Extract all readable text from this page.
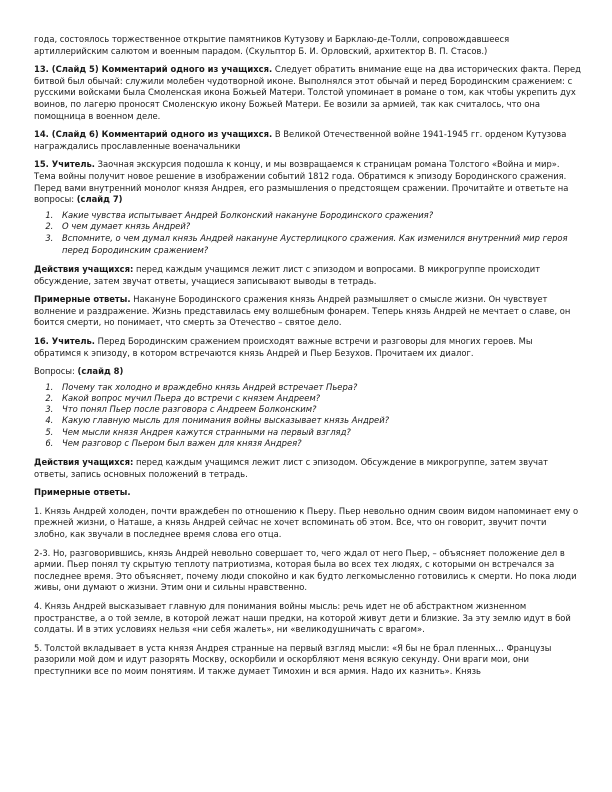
года, состоялось торжественное открытие памятников Кутузову и Барклаю-де-Толли, сопровождавшееся артиллерийским салютом и военным парадом. (Скульптор Б. И. Орловский, архитектор В. П. Стасов.)

13. (Слайд 5) Комментарий одного из учащихся. Следует обратить внимание еще на два исторических факта. Перед битвой был обычай: служили молебен чудотворной иконе. Выполнялся этот обычай и перед Бородинским сражением: с русскими войсками была Смоленская икона Божьей Матери. Толстой упоминает в романе о том, как чтобы укрепить дух воинов, по лагерю проносят Смоленскую икону Божьей Матери. Ее возили за армией, так как считалось, что она помощница в военном деле.

14. (Слайд 6) Комментарий одного из учащихся. В Великой Отечественной войне 1941-1945 гг. орденом Кутузова награждались прославленные военачальники

15. Учитель. Заочная экскурсия подошла к концу, и мы возвращаемся к страницам романа Толстого «Война и мир». Тема войны получит новое решение в изображении событий 1812 года. Обратимся к эпизоду Бородинского сражения.
Перед вами внутренний монолог князя Андрея, его размышления о предстоящем сражении. Прочитайте и ответьте на вопросы: (слайд 7)

1. Какие чувства испытывает Андрей Болконский накануне Бородинского сражения?
2. О чем думает князь Андрей?
3. Вспомните, о чем думал князь Андрей накануне Аустерлицкого сражения. Как изменился внутренний мир героя перед Бородинским сражением?

Действия учащихся: перед каждым учащимся лежит лист с эпизодом и вопросами. В микрогруппе происходит обсуждение, затем звучат ответы, учащиеся записывают выводы в тетрадь.

Примерные ответы. Накануне Бородинского сражения князь Андрей размышляет о смысле жизни. Он чувствует волнение и раздражение. Жизнь представилась ему волшебным фонарем. Теперь князь Андрей не мечтает о славе, он боится смерти, но понимает, что смерть за Отечество – святое дело.

16. Учитель. Перед Бородинским сражением происходят важные встречи и разговоры для многих героев. Мы обратимся к эпизоду, в котором встречаются князь Андрей и Пьер Безухов. Прочитаем их диалог.

Вопросы: (слайд 8)

1. Почему так холодно и враждебно князь Андрей встречает Пьера?
2. Какой вопрос мучил Пьера до встречи с князем Андреем?
3. Что понял Пьер после разговора с Андреем Болконским?
4. Какую главную мысль для понимания войны высказывает князь Андрей?
5. Чем мысли князя Андрея кажутся странными на первый взгляд?
6. Чем разговор с Пьером был важен для князя Андрея?

Действия учащихся: перед каждым учащимся лежит лист с эпизодом. Обсуждение в микрогруппе, затем звучат ответы, запись основных положений в тетрадь.

Примерные ответы.

1. Князь Андрей холоден, почти враждебен по отношению к Пьеру. Пьер невольно одним своим видом напоминает ему о прежней жизни, о Наташе, а князь Андрей сейчас не хочет вспоминать об этом. Все, что он говорит, звучит почти злобно, как звучали в последнее время слова его отца.

2-3. Но, разговорившись, князь Андрей невольно совершает то, чего ждал от него Пьер, – объясняет положение дел в армии. Пьер понял ту скрытую теплоту патриотизма, которая была во всех тех людях, с которыми он встречался за последнее время. Это объясняет, почему люди спокойно и как будто легкомысленно готовились к смерти. Но пока люди живы, они думают о жизни. Этим они и сильны нравственно.

4. Князь Андрей высказывает главную для понимания войны мысль: речь идет не об абстрактном жизненном пространстве, а о той земле, в которой лежат наши предки, на которой живут дети и близкие. За эту землю идут в бой солдаты. И в этих условиях нельзя «ни себя жалеть», ни «великодушничать с врагом».

5. Толстой вкладывает в уста князя Андрея странные на первый взгляд мысли: «Я бы не брал пленных… Французы разорили мой дом и идут разорять Москву, оскорбили и оскорбляют меня всякую секунду. Они враги мои, они преступники все по моим понятиям. И также думает Тимохин и вся армия. Надо их казнить». Князь
